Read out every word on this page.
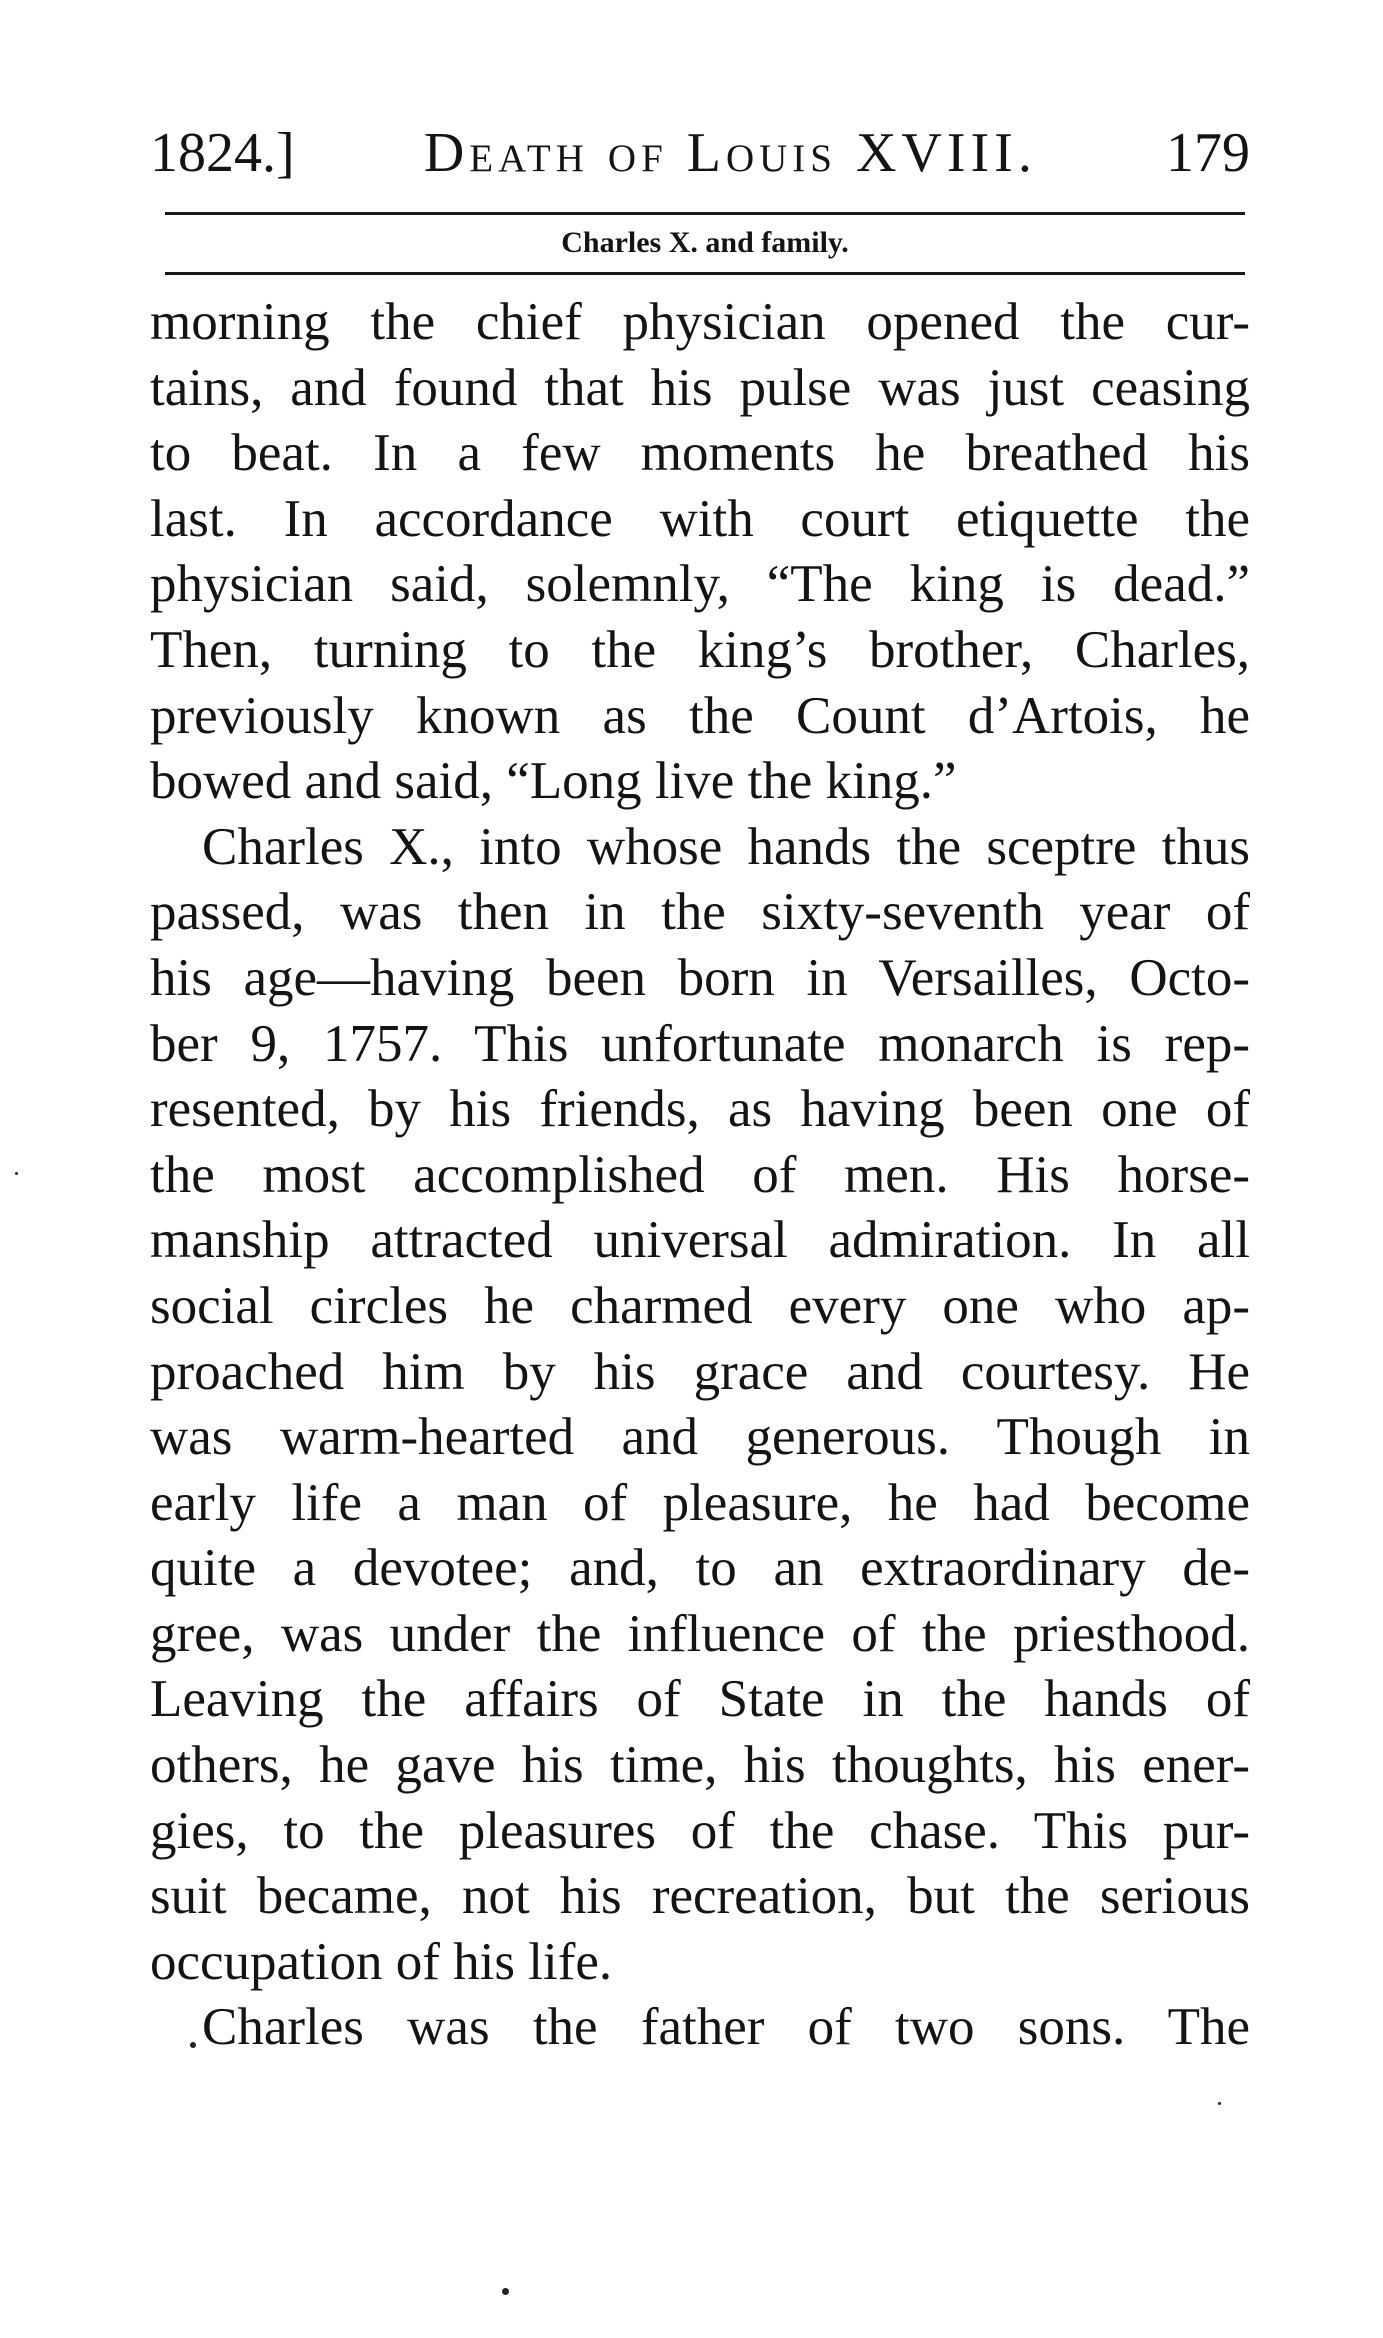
1824.] Death of Louis XVIII. 179
Charles X. and family.
morning the chief physician opened the cur-
tains, and found that his pulse was just ceasing
to beat. In a few moments he breathed his
last. In accordance with court etiquette the
physician said, solemnly, “The king is dead.”
Then, turning to the king’s brother, Charles,
previously known as the Count d’Artois, he
bowed and said, “Long live the king.”
Charles X., into whose hands the sceptre thus
passed, was then in the sixty-seventh year of
his age—having been born in Versailles, Octo-
ber 9, 1757. This unfortunate monarch is rep-
resented, by his friends, as having been one of
the most accomplished of men. His horse-
manship attracted universal admiration. In all
social circles he charmed every one who ap-
proached him by his grace and courtesy. He
was warm-hearted and generous. Though in
early life a man of pleasure, he had become
quite a devotee; and, to an extraordinary de-
gree, was under the influence of the priesthood.
Leaving the affairs of State in the hands of
others, he gave his time, his thoughts, his ener-
gies, to the pleasures of the chase. This pur-
suit became, not his recreation, but the serious
occupation of his life.
Charles was the father of two sons. The
